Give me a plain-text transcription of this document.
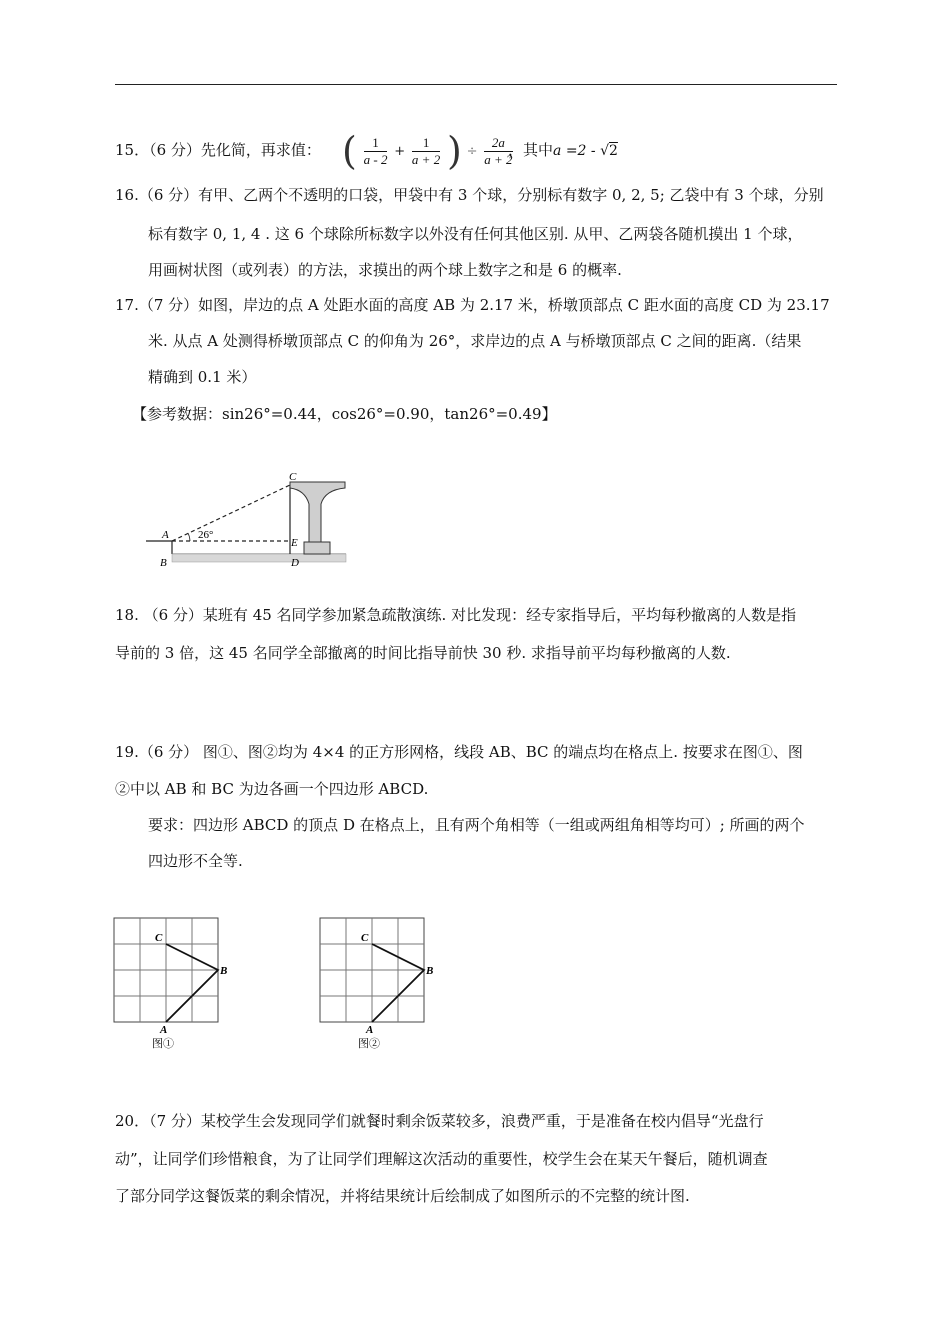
15．（6 分）先化简，再求值： ( $\frac{1}{a - 2} + \frac{1}{a + 2}$ ) ÷ $\frac{2a}{a + 2}$
，其中a =2 - √2
16.（6 分）有甲、乙两个不透明的口袋，甲袋中有 3 个球，分别标有数字 0, 2, 5; 乙袋中有 3 个球，分别
标有数字 0, 1, 4 . 这 6 个球除所标数字以外没有任何其他区别. 从甲、乙两袋各随机摸出 1 个球，
用画树状图（或列表）的方法，求摸出的两个球上数字之和是 6 的概率.
17.（7 分）如图，岸边的点 A 处距水面的高度 AB 为 2.17 米，桥墩顶部点 C 距水面的高度 CD 为 23.17
米. 从点 A 处测得桥墩顶部点 C 的仰角为 26°，求岸边的点 A 与桥墩顶部点 C 之间的距离.（结果
精确到 0.1 米）
【参考数据：sin26°=0.44，cos26°=0.90，tan26°=0.49】
C
A	26°
E
B	D
18. （6 分）某班有 45 名同学参加紧急疏散演练. 对比发现：经专家指导后，平均每秒撤离的人数是指
导前的 3 倍，这 45 名同学全部撤离的时间比指导前快 30 秒. 求指导前平均每秒撤离的人数.
19.（6 分） 图①、图②均为 4×4 的正方形网格，线段 AB、BC 的端点均在格点上. 按要求在图①、图
②中以 AB 和 BC 为边各画一个四边形 ABCD.
要求：四边形 ABCD 的顶点 D 在格点上，且有两个角相等（一组或两组角相等均可）; 所画的两个
四边形不全等.
C
B
A
图①
C
B
A
图②
20．（7 分）某校学生会发现同学们就餐时剩余饭菜较多，浪费严重，于是准备在校内倡导“光盘行
动”，让同学们珍惜粮食，为了让同学们理解这次活动的重要性，校学生会在某天午餐后，随机调查
了部分同学这餐饭菜的剩余情况，并将结果统计后绘制成了如图所示的不完整的统计图.
